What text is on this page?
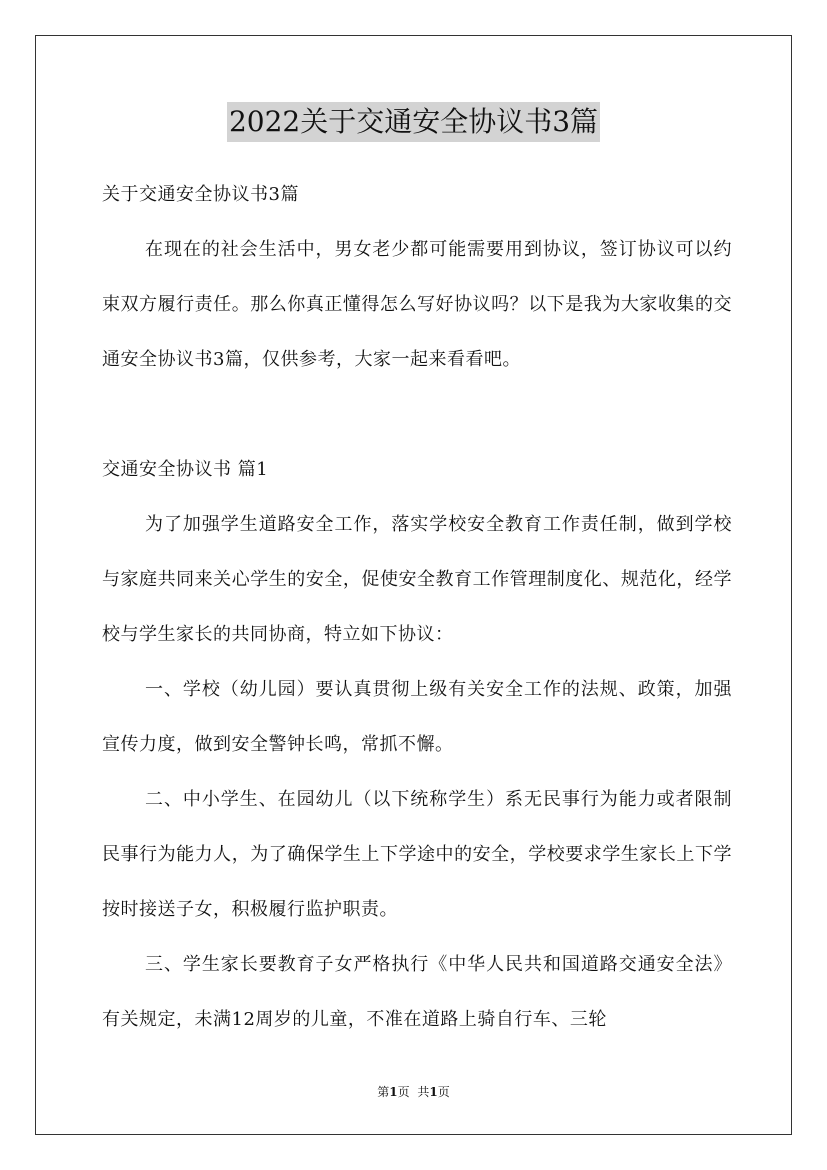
2022关于交通安全协议书3篇

关于交通安全协议书3篇

在现在的社会生活中，男女老少都可能需要用到协议，签订协议可以约束双方履行责任。那么你真正懂得怎么写好协议吗？以下是我为大家收集的交通安全协议书3篇，仅供参考，大家一起来看看吧。

交通安全协议书 篇1

为了加强学生道路安全工作，落实学校安全教育工作责任制，做到学校与家庭共同来关心学生的安全，促使安全教育工作管理制度化、规范化，经学校与学生家长的共同协商，特立如下协议：

一、学校（幼儿园）要认真贯彻上级有关安全工作的法规、政策，加强宣传力度，做到安全警钟长鸣，常抓不懈。

二、中小学生、在园幼儿（以下统称学生）系无民事行为能力或者限制民事行为能力人，为了确保学生上下学途中的安全，学校要求学生家长上下学按时接送子女，积极履行监护职责。

三、学生家长要教育子女严格执行《中华人民共和国道路交通安全法》有关规定，未满12周岁的儿童，不准在道路上骑自行车、三轮

第1页 共1页
